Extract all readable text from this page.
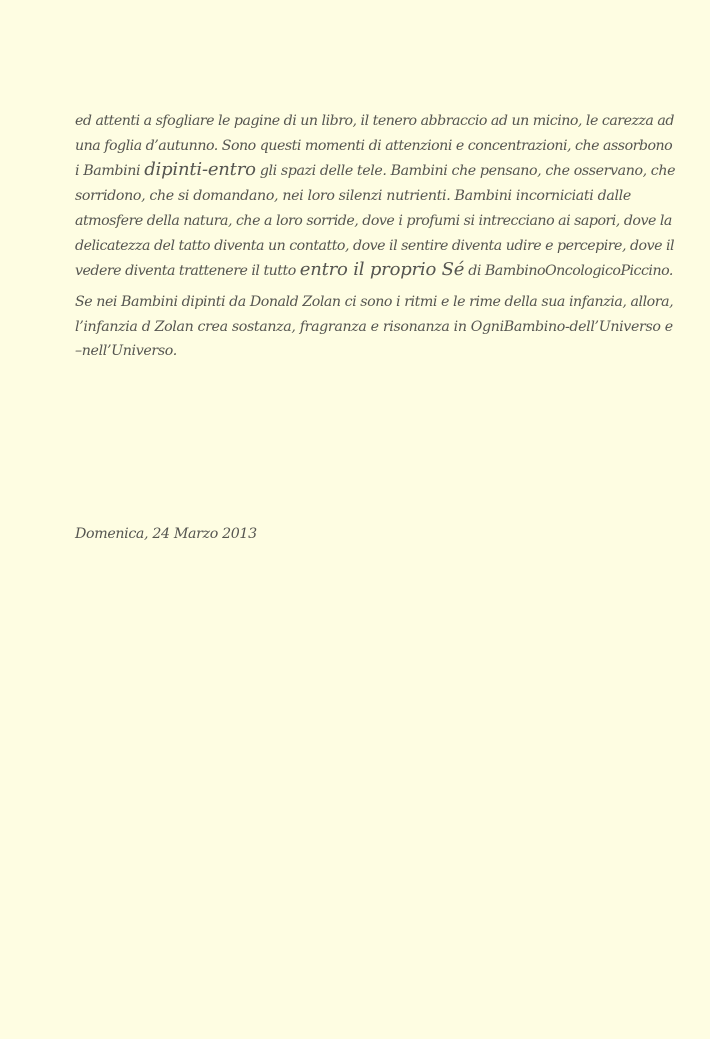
ed attenti a sfogliare le pagine di un libro, il tenero abbraccio ad un micino, le carezza ad
una foglia d’autunno. Sono questi momenti di attenzioni e concentrazioni, che assorbono
i Bambini dipinti-entro gli spazi delle tele. Bambini che pensano, che osservano, che
sorridono, che si domandano, nei loro silenzi nutrienti. Bambini incorniciati dalle
atmosfere della natura, che a loro sorride, dove i profumi si intrecciano ai sapori, dove la
delicatezza del tatto diventa un contatto, dove il sentire diventa udire e percepire, dove il
vedere diventa trattenere il tutto entro il proprio Sé di BambinoOncologicoPiccino.
Se nei Bambini dipinti da Donald Zolan ci sono i ritmi e le rime della sua infanzia, allora,
l’infanzia d Zolan crea sostanza, fragranza e risonanza in OgniBambino-dell’Universo e
–nell’Universo.
Domenica, 24 Marzo 2013
